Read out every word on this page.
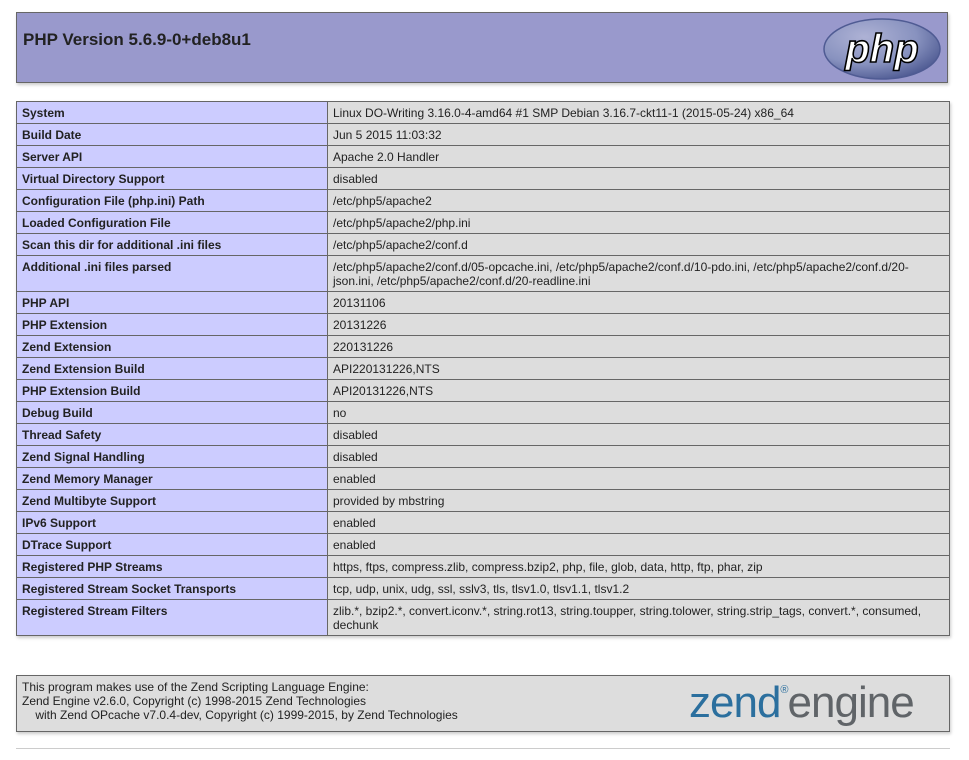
PHP Version 5.6.9-0+deb8u1	php
System	Linux DO-Writing 3.16.0-4-amd64 #1 SMP Debian 3.16.7-ckt11-1 (2015-05-24) x86_64
Build Date	Jun 5 2015 11:03:32
Server API	Apache 2.0 Handler
Virtual Directory Support	disabled
Configuration File (php.ini) Path	/etc/php5/apache2
Loaded Configuration File	/etc/php5/apache2/php.ini
Scan this dir for additional .ini files	/etc/php5/apache2/conf.d
Additional .ini files parsed	/etc/php5/apache2/conf.d/05-opcache.ini, /etc/php5/apache2/conf.d/10-pdo.ini, /etc/php5/apache2/conf.d/20-json.ini, /etc/php5/apache2/conf.d/20-readline.ini
PHP API	20131106
PHP Extension	20131226
Zend Extension	220131226
Zend Extension Build	API220131226,NTS
PHP Extension Build	API20131226,NTS
Debug Build	no
Thread Safety	disabled
Zend Signal Handling	disabled
Zend Memory Manager	enabled
Zend Multibyte Support	provided by mbstring
IPv6 Support	enabled
DTrace Support	enabled
Registered PHP Streams	https, ftps, compress.zlib, compress.bzip2, php, file, glob, data, http, ftp, phar, zip
Registered Stream Socket Transports	tcp, udp, unix, udg, ssl, sslv3, tls, tlsv1.0, tlsv1.1, tlsv1.2
Registered Stream Filters	zlib.*, bzip2.*, convert.iconv.*, string.rot13, string.toupper, string.tolower, string.strip_tags, convert.*, consumed, dechunk
This program makes use of the Zend Scripting Language Engine:
Zend Engine v2.6.0, Copyright (c) 1998-2015 Zend Technologies
with Zend OPcache v7.0.4-dev, Copyright (c) 1999-2015, by Zend Technologies	zend®engine
